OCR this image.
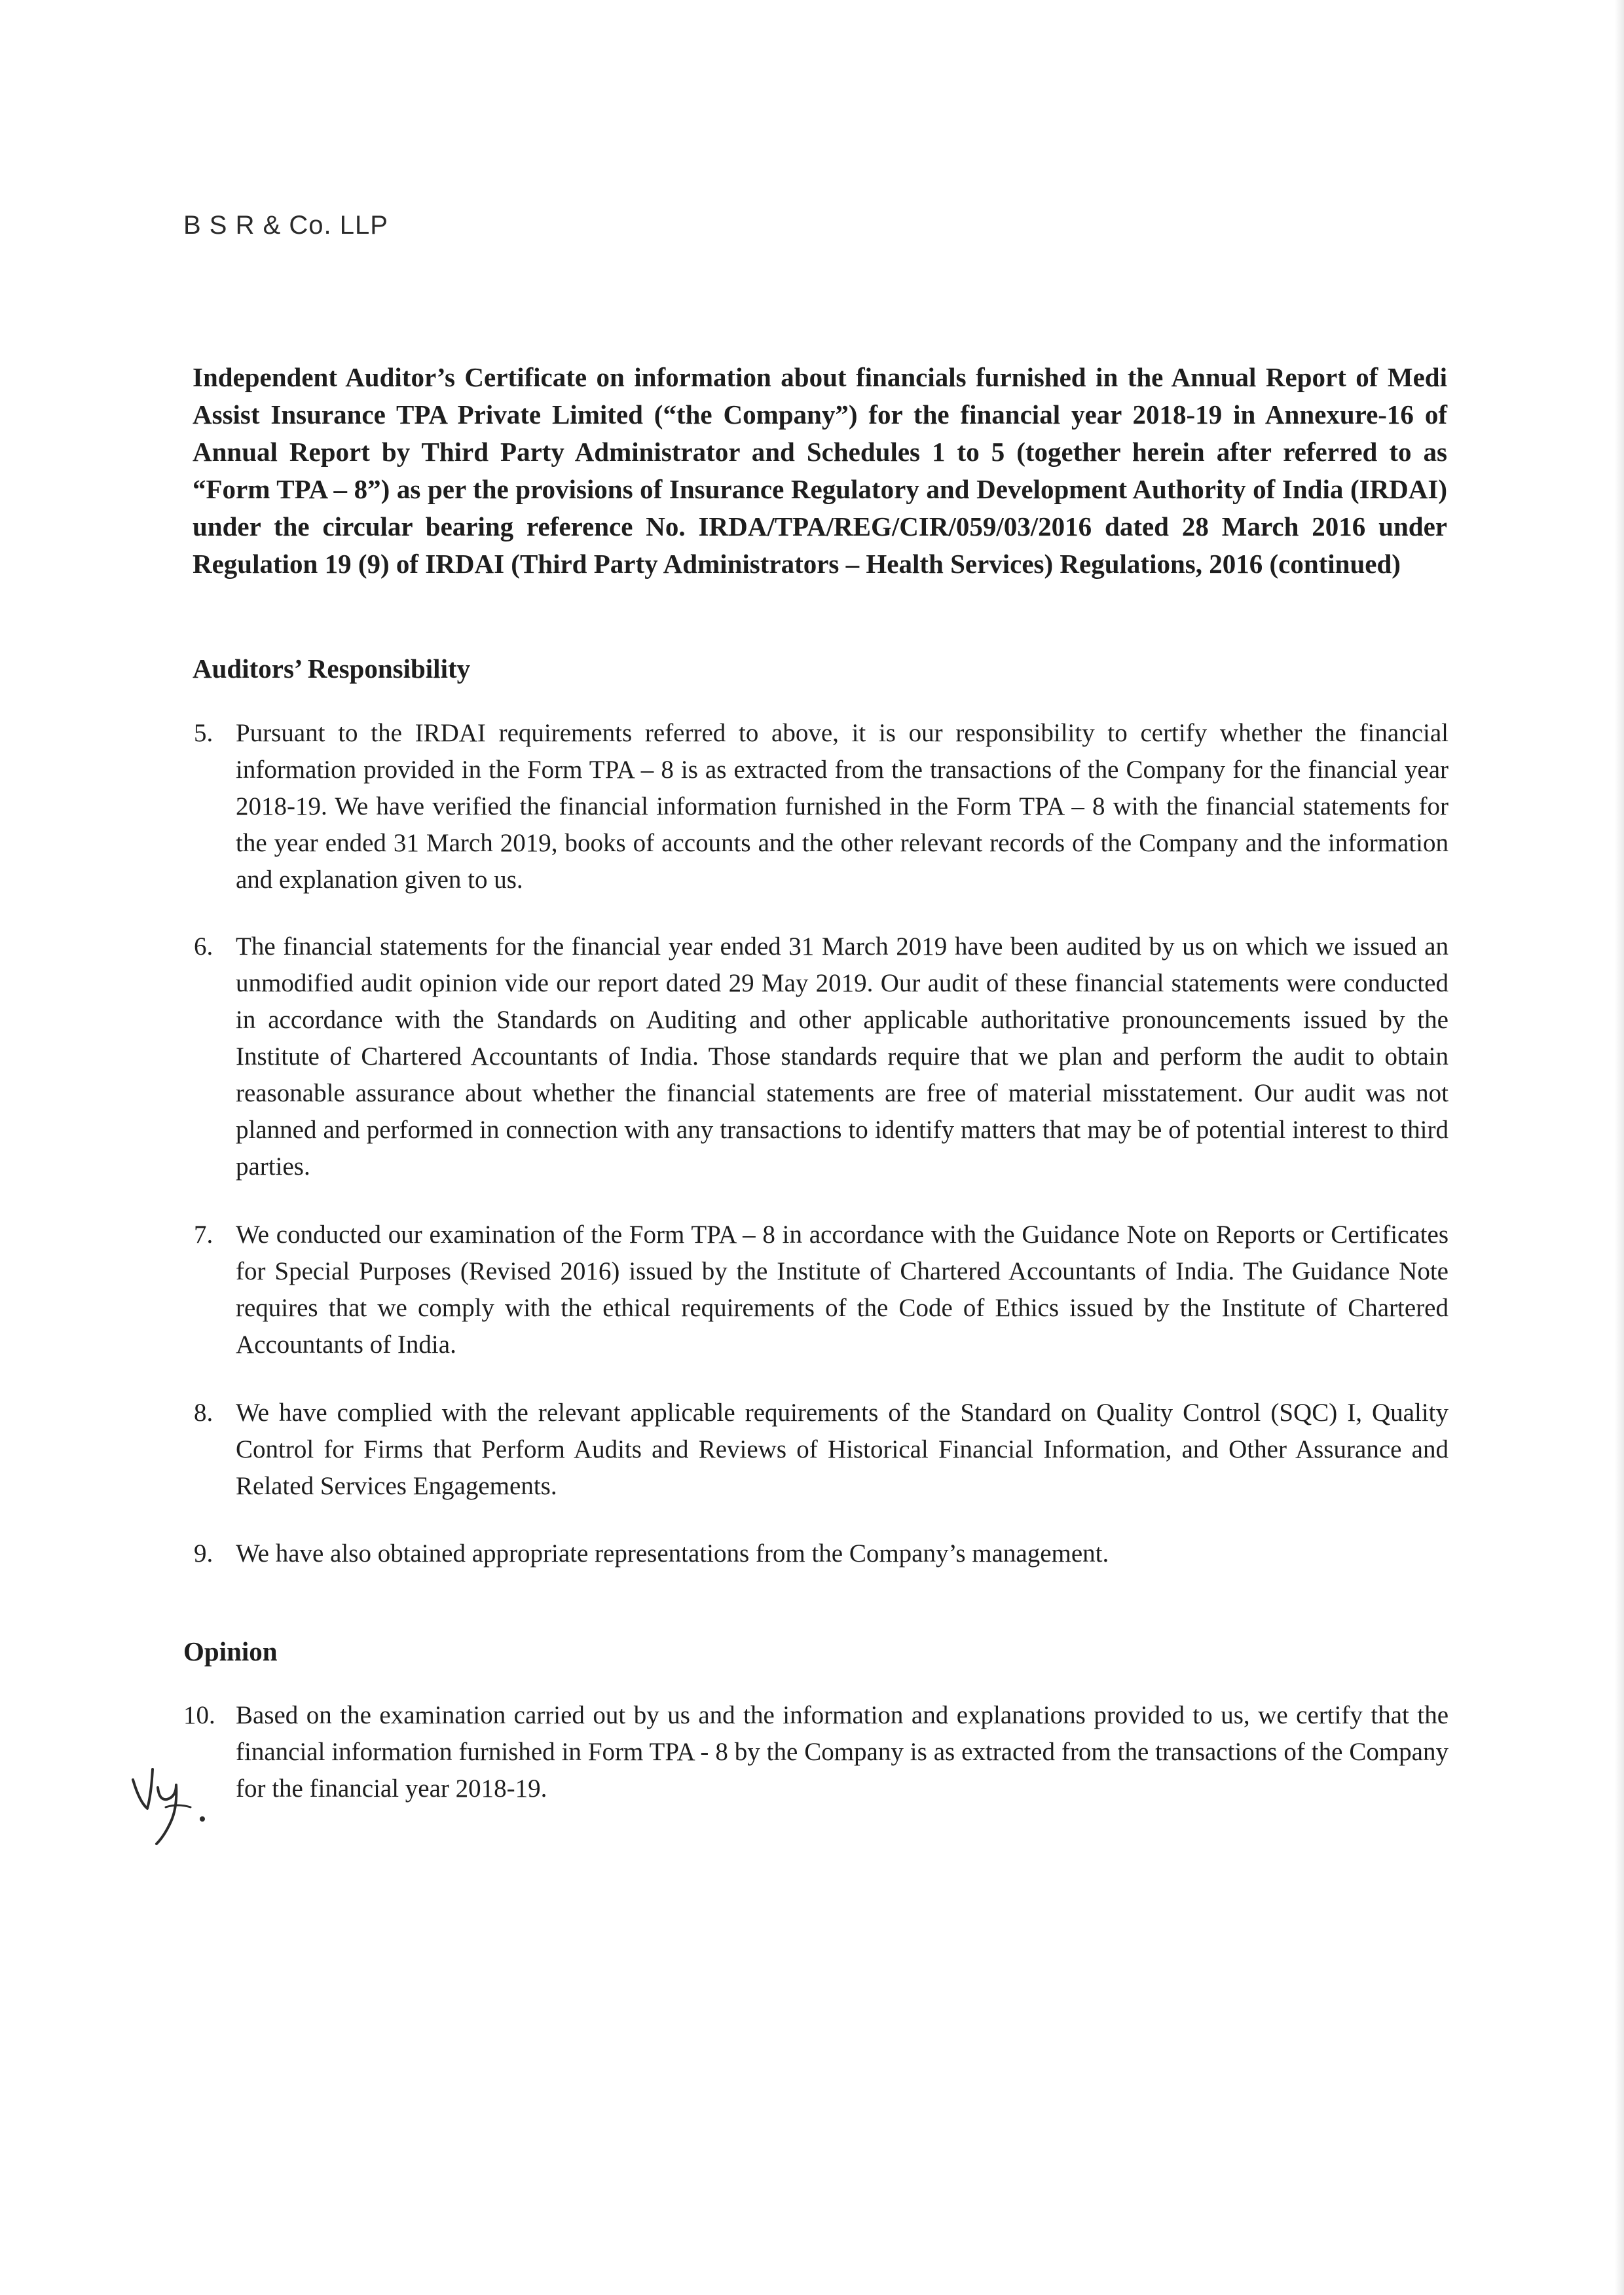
B S R & Co. LLP

Independent Auditor’s Certificate on information about financials furnished in the Annual Report of Medi Assist Insurance TPA Private Limited (“the Company”) for the financial year 2018-19 in Annexure-16 of Annual Report by Third Party Administrator and Schedules 1 to 5 (together herein after referred to as “Form TPA – 8”) as per the provisions of Insurance Regulatory and Development Authority of India (IRDAI) under the circular bearing reference No. IRDA/TPA/REG/CIR/059/03/2016 dated 28 March 2016 under Regulation 19 (9) of IRDAI (Third Party Administrators – Health Services) Regulations, 2016 (continued)

Auditors’ Responsibility
5. Pursuant to the IRDAI requirements referred to above, it is our responsibility to certify whether the financial information provided in the Form TPA – 8 is as extracted from the transactions of the Company for the financial year 2018-19. We have verified the financial information furnished in the Form TPA – 8 with the financial statements for the year ended 31 March 2019, books of accounts and the other relevant records of the Company and the information and explanation given to us.
6. The financial statements for the financial year ended 31 March 2019 have been audited by us on which we issued an unmodified audit opinion vide our report dated 29 May 2019. Our audit of these financial statements were conducted in accordance with the Standards on Auditing and other applicable authoritative pronouncements issued by the Institute of Chartered Accountants of India. Those standards require that we plan and perform the audit to obtain reasonable assurance about whether the financial statements are free of material misstatement. Our audit was not planned and performed in connection with any transactions to identify matters that may be of potential interest to third parties.
7. We conducted our examination of the Form TPA – 8 in accordance with the Guidance Note on Reports or Certificates for Special Purposes (Revised 2016) issued by the Institute of Chartered Accountants of India. The Guidance Note requires that we comply with the ethical requirements of the Code of Ethics issued by the Institute of Chartered Accountants of India.
8. We have complied with the relevant applicable requirements of the Standard on Quality Control (SQC) I, Quality Control for Firms that Perform Audits and Reviews of Historical Financial Information, and Other Assurance and Related Services Engagements.
9. We have also obtained appropriate representations from the Company’s management.
Opinion
10. Based on the examination carried out by us and the information and explanations provided to us, we certify that the financial information furnished in Form TPA - 8 by the Company is as extracted from the transactions of the Company for the financial year 2018-19.
